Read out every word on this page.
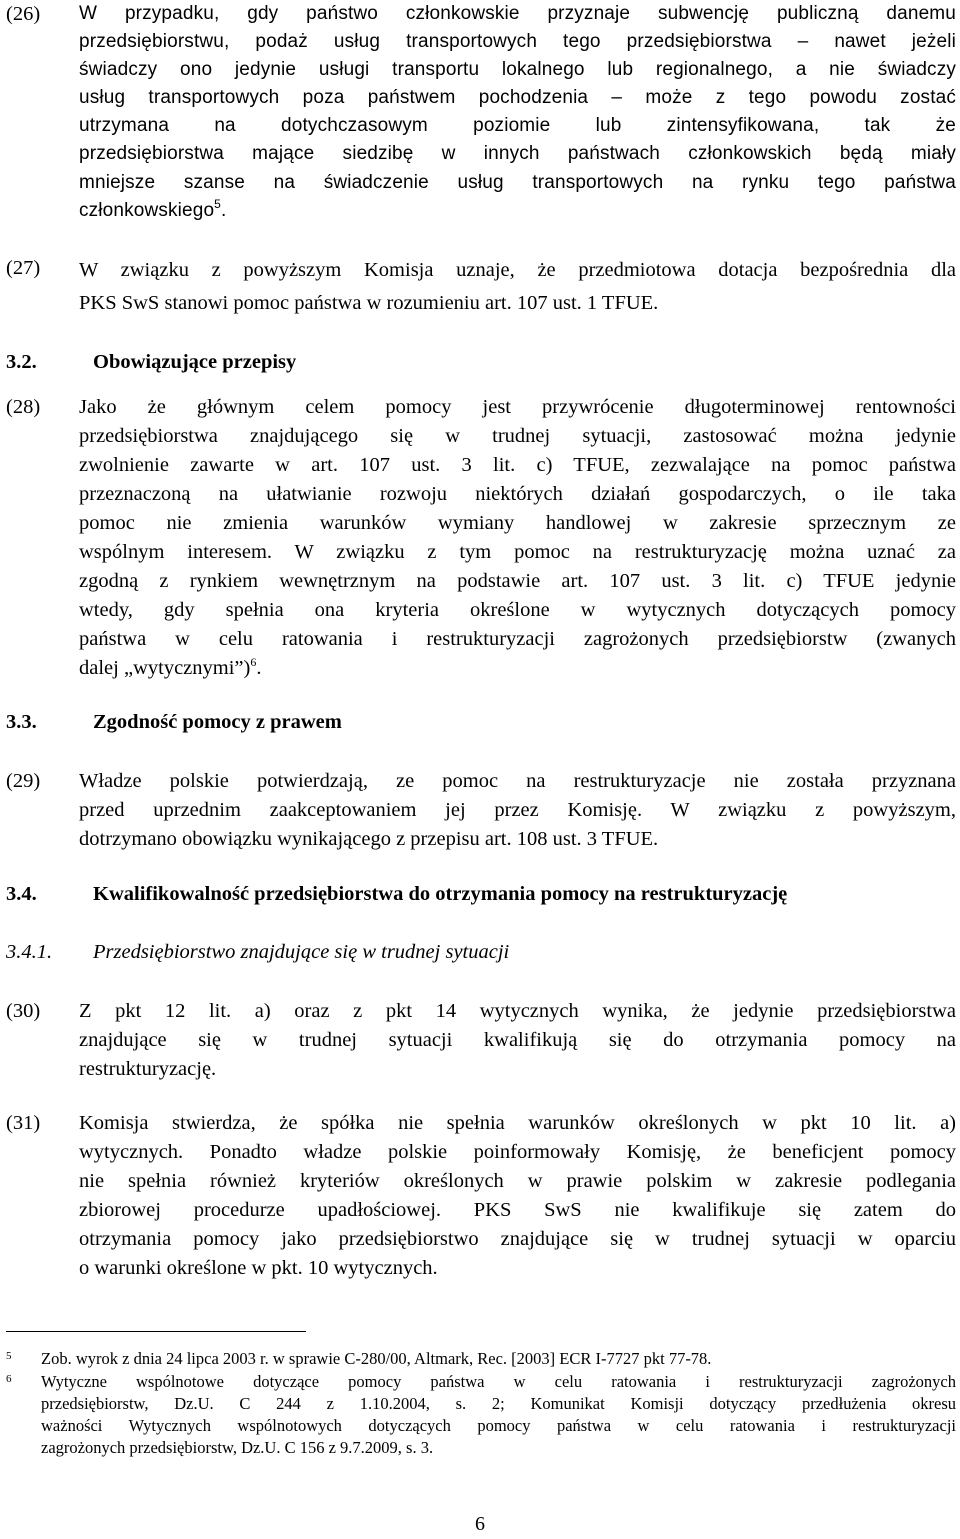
(26) W przypadku, gdy państwo członkowskie przyznaje subwencję publiczną danemu
przedsiębiorstwu, podaż usług transportowych tego przedsiębiorstwa – nawet jeżeli
świadczy ono jedynie usługi transportu lokalnego lub regionalnego, a nie świadczy
usług transportowych poza państwem pochodzenia – może z tego powodu zostać
utrzymana na dotychczasowym poziomie lub zintensyfikowana, tak że
przedsiębiorstwa mające siedzibę w innych państwach członkowskich będą miały
mniejsze szanse na świadczenie usług transportowych na rynku tego państwa
członkowskiego$^5$.
(27) W związku z powyższym Komisja uznaje, że przedmiotowa dotacja bezpośrednia dla
PKS SwS stanowi pomoc państwa w rozumieniu art. 107 ust. 1 TFUE.
3.2.	Obowiązujące przepisy
(28) Jako że głównym celem pomocy jest przywrócenie długoterminowej rentowności
przedsiębiorstwa znajdującego się w trudnej sytuacji, zastosować można jedynie
zwolnienie zawarte w art. 107 ust. 3 lit. c) TFUE, zezwalające na pomoc państwa
przeznaczoną na ułatwianie rozwoju niektórych działań gospodarczych, o ile taka
pomoc nie zmienia warunków wymiany handlowej w zakresie sprzecznym ze
wspólnym interesem. W związku z tym pomoc na restrukturyzację można uznać za
zgodną z rynkiem wewnętrznym na podstawie art. 107 ust. 3 lit. c) TFUE jedynie
wtedy, gdy spełnia ona kryteria określone w wytycznych dotyczących pomocy
państwa w celu ratowania i restrukturyzacji zagrożonych przedsiębiorstw (zwanych
dalej „wytycznymi”)$^6$.
3.3.	Zgodność pomocy z prawem
(29) Władze polskie potwierdzają, ze pomoc na restrukturyzacje nie została przyznana
przed uprzednim zaakceptowaniem jej przez Komisję. W związku z powyższym,
dotrzymano obowiązku wynikającego z przepisu art. 108 ust. 3 TFUE.
3.4.	Kwalifikowalność przedsiębiorstwa do otrzymania pomocy na restrukturyzację
3.4.1. Przedsiębiorstwo znajdujące się w trudnej sytuacji
(30) Z pkt 12 lit. a) oraz z pkt 14 wytycznych wynika, że jedynie przedsiębiorstwa
znajdujące się w trudnej sytuacji kwalifikują się do otrzymania pomocy na
restrukturyzację.
(31) Komisja stwierdza, że spółka nie spełnia warunków określonych w pkt 10 lit. a)
wytycznych. Ponadto władze polskie poinformowały Komisję, że beneficjent pomocy
nie spełnia również kryteriów określonych w prawie polskim w zakresie podlegania
zbiorowej procedurze upadłościowej. PKS SwS nie kwalifikuje się zatem do
otrzymania pomocy jako przedsiębiorstwo znajdujące się w trudnej sytuacji w oparciu
o warunki określone w pkt. 10 wytycznych.
5 Zob. wyrok z dnia 24 lipca 2003 r. w sprawie C-280/00, Altmark, Rec. [2003] ECR I-7727 pkt 77-78.
6 Wytyczne wspólnotowe dotyczące pomocy państwa w celu ratowania i restrukturyzacji zagrożonych
przedsiębiorstw, Dz.U. C 244 z 1.10.2004, s. 2; Komunikat Komisji dotyczący przedłużenia okresu
ważności Wytycznych wspólnotowych dotyczących pomocy państwa w celu ratowania i restrukturyzacji
zagrożonych przedsiębiorstw, Dz.U. C 156 z 9.7.2009, s. 3.
6
